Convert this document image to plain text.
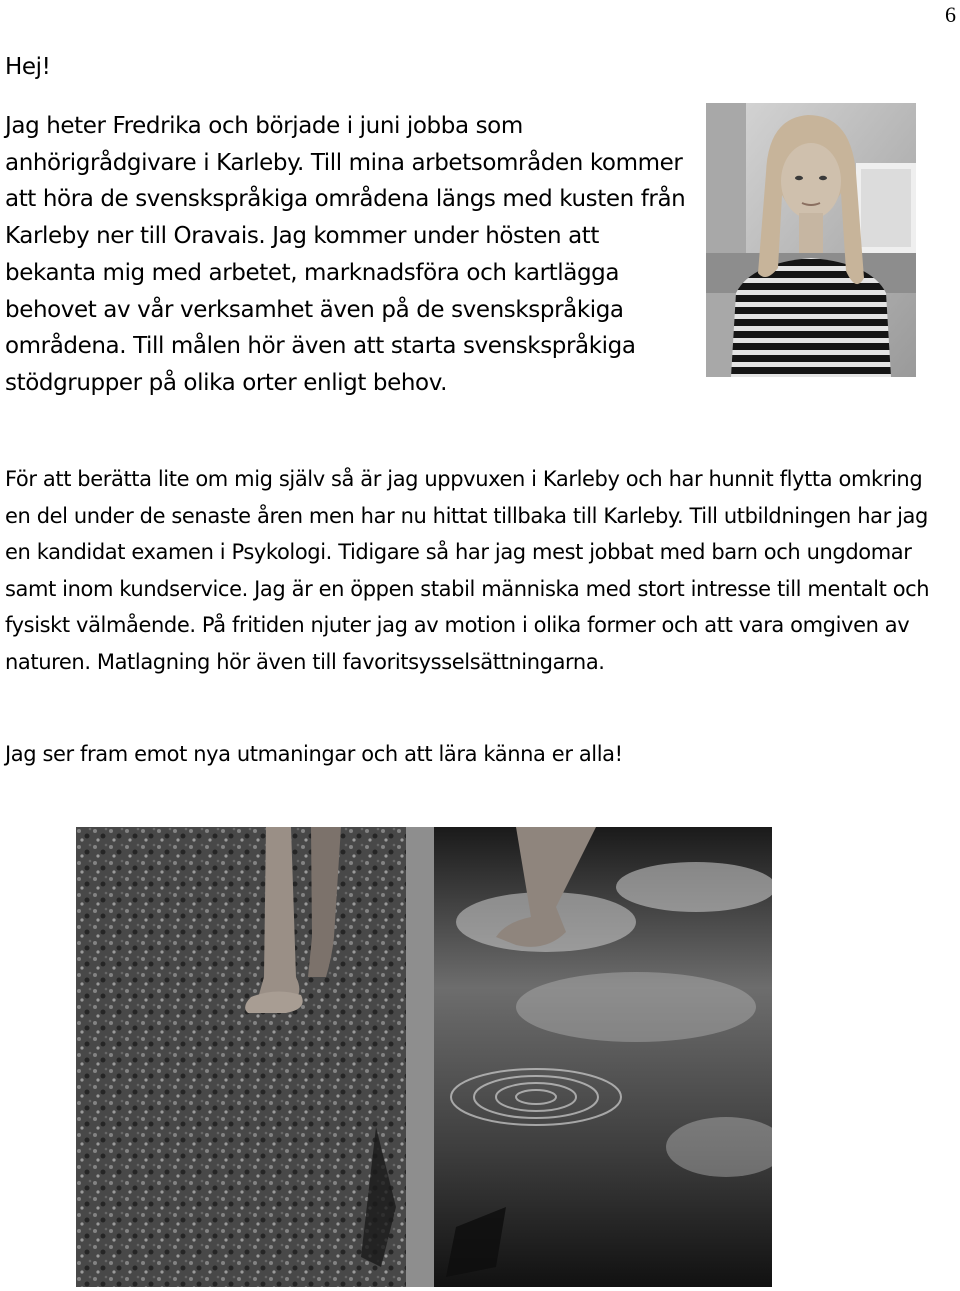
6
Hej!

Jag heter Fredrika och började i juni jobba som anhörigrådgivare i Karleby. Till mina arbetsområden kommer att höra de svenskspråkiga områdena längs med kusten från Karleby ner till Oravais. Jag kommer under hösten att bekanta mig med arbetet, marknadsföra och kartlägga behovet av vår verksamhet även på de svenskspråkiga områdena. Till målen hör även att starta svenskspråkiga stödgrupper på olika orter enligt behov.

För att berätta lite om mig själv så är jag uppvuxen i Karleby och har hunnit flytta omkring en del under de senaste åren men har nu hittat tillbaka till Karleby. Till utbildningen har jag en kandidat examen i Psykologi. Tidigare så har jag mest jobbat med barn och ungdomar samt inom kundservice. Jag är en öppen stabil människa med stort intresse till mentalt och fysiskt välmående. På fritiden njuter jag av motion i olika former och att vara omgiven av naturen. Matlagning hör även till favoritsysselsättningarna.

Jag ser fram emot nya utmaningar och att lära känna er alla!
